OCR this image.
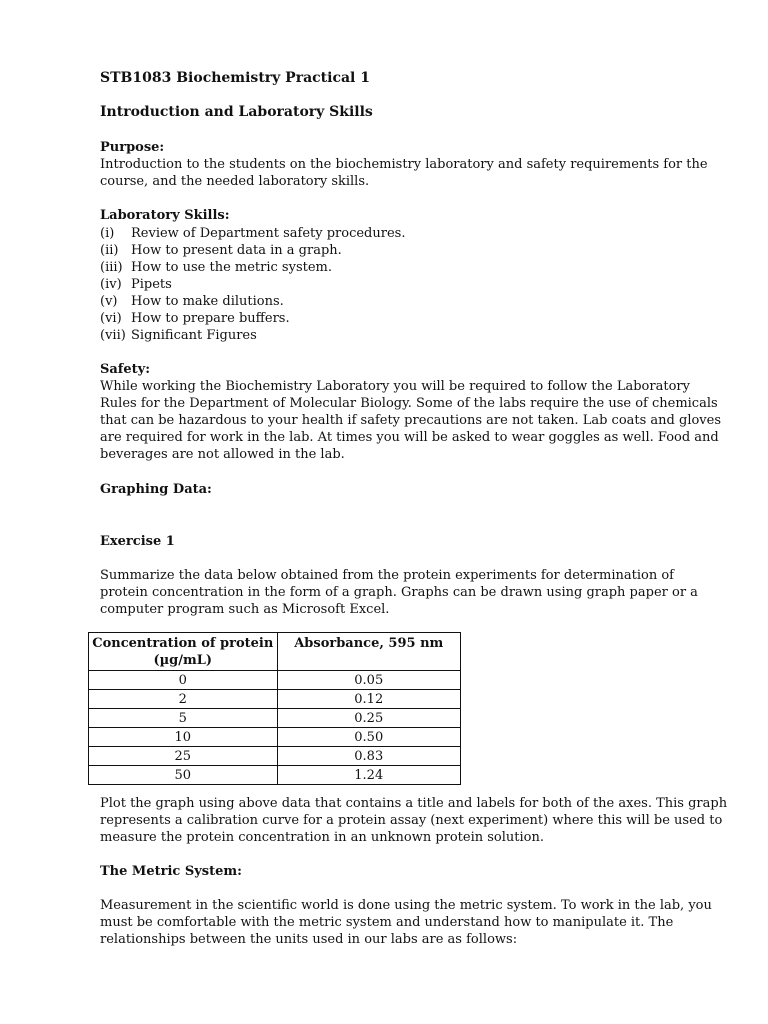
STB1083 Biochemistry Practical 1

Introduction and Laboratory Skills

Purpose:

Introduction to the students on the biochemistry laboratory and safety requirements for the

course, and the needed laboratory skills.

Laboratory Skills:

(i) Review of Department safety procedures.
(ii) How to present data in a graph.
(iii) How to use the metric system.
(iv) Pipets
(v) How to make dilutions.
(vi) How to prepare buffers.
(vii) Significant Figures

Safety:

While working the Biochemistry Laboratory you will be required to follow the Laboratory

Rules for the Department of Molecular Biology. Some of the labs require the use of chemicals

that can be hazardous to your health if safety precautions are not taken. Lab coats and gloves

are required for work in the lab. At times you will be asked to wear goggles as well. Food and

beverages are not allowed in the lab.

Graphing Data:

Exercise 1

Summarize the data below obtained from the protein experiments for determination of

protein concentration in the form of a graph. Graphs can be drawn using graph paper or a

computer program such as Microsoft Excel.

Concentration of protein
(µg/mL)	Absorbance, 595 nm
0	0.05
2	0.12
5	0.25
10	0.50
25	0.83
50	1.24

Plot the graph using above data that contains a title and labels for both of the axes. This graph

represents a calibration curve for a protein assay (next experiment) where this will be used to

measure the protein concentration in an unknown protein solution.

The Metric System:

Measurement in the scientific world is done using the metric system. To work in the lab, you

must be comfortable with the metric system and understand how to manipulate it. The

relationships between the units used in our labs are as follows:
